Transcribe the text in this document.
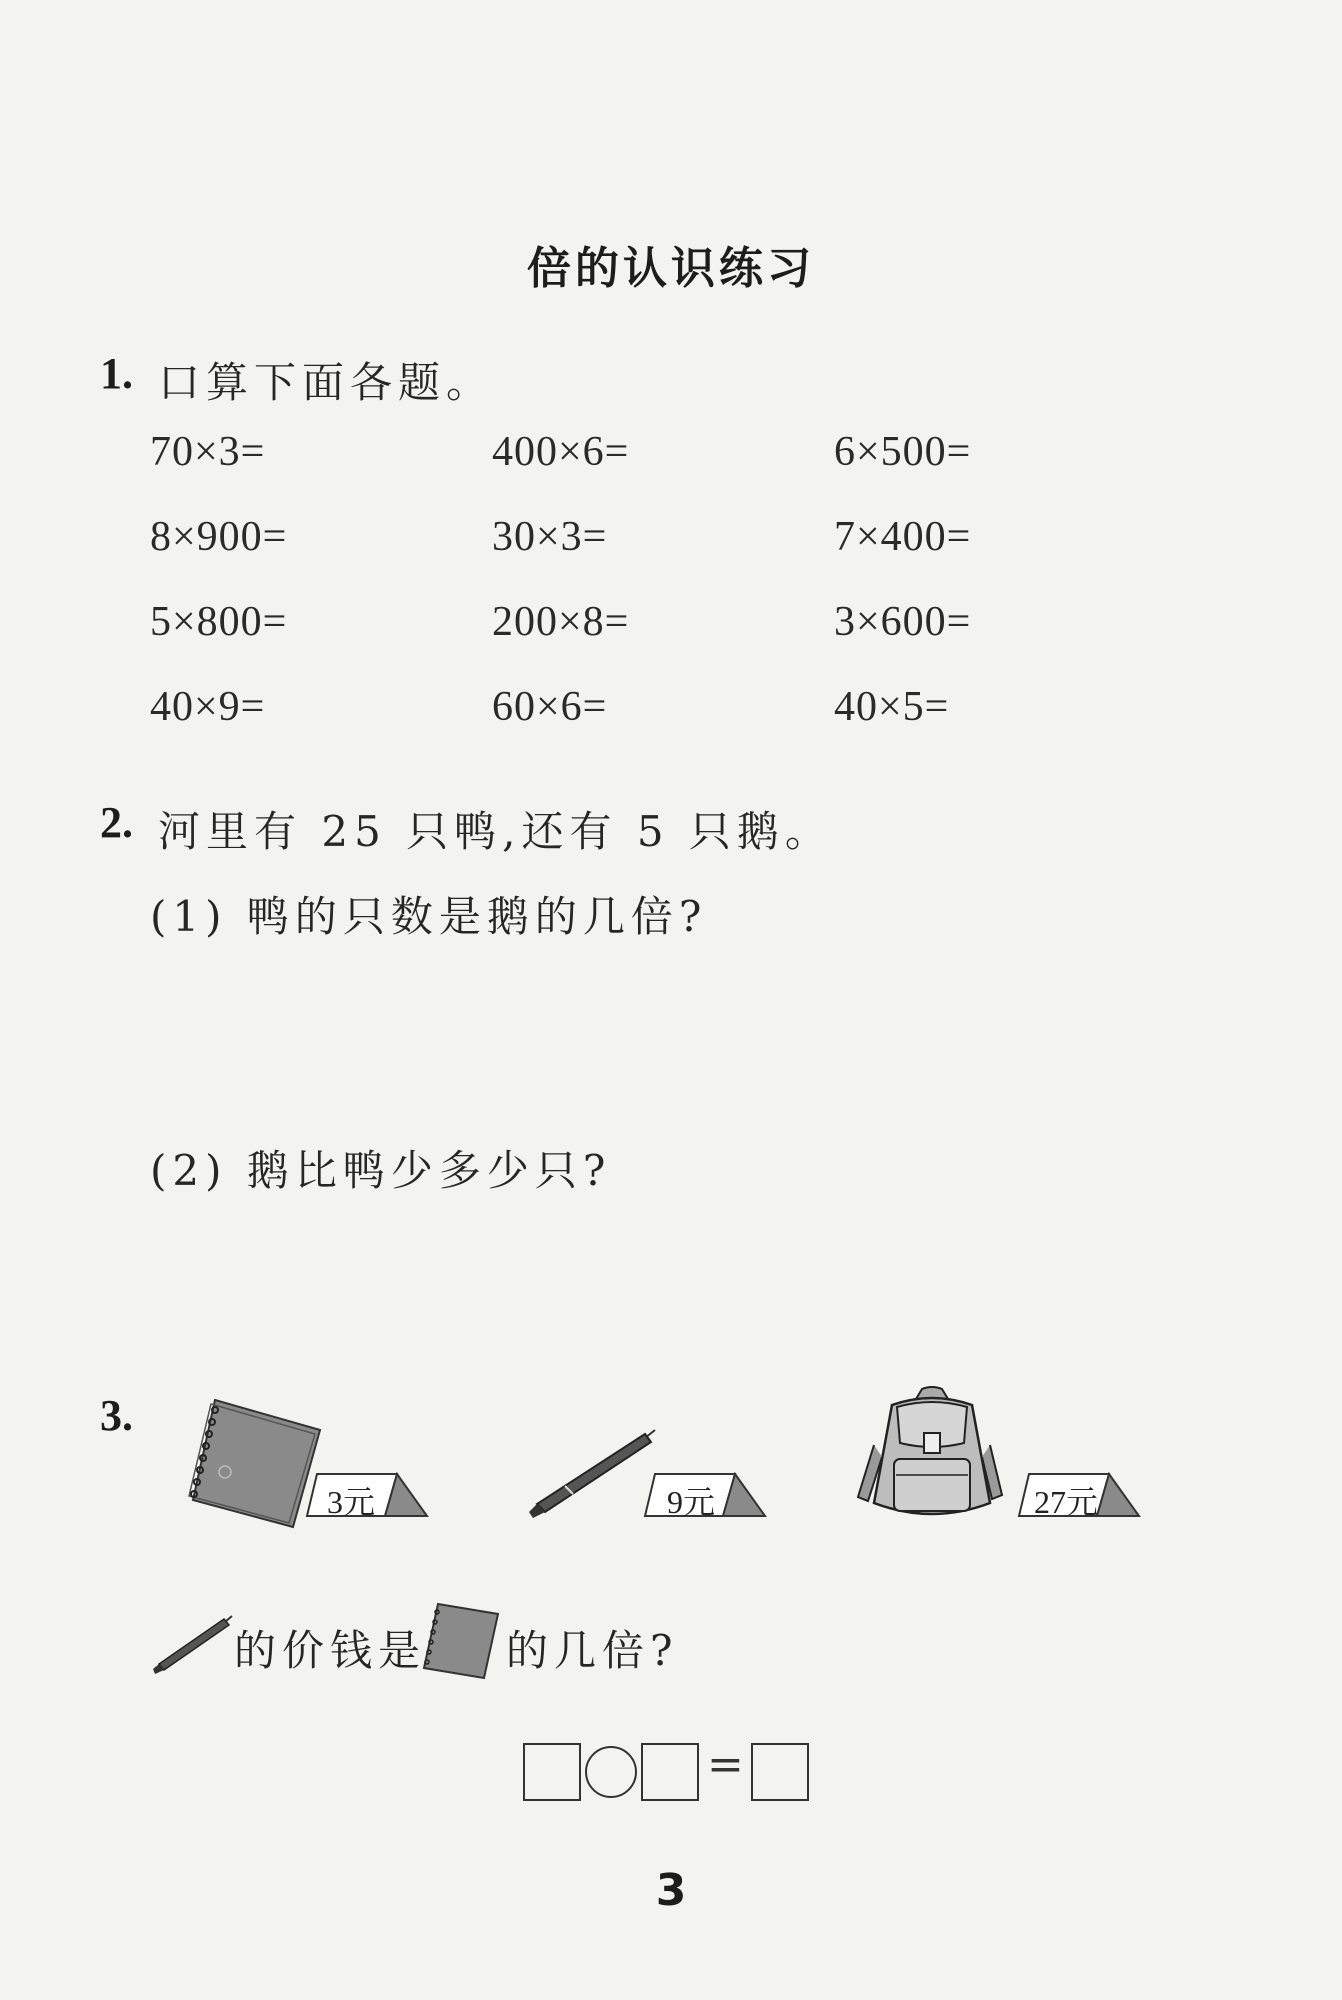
倍的认识练习
1. 口算下面各题。
70×3=	400×6=	6×500=
8×900=	30×3=	7×400=
5×800=	200×8=	3×600=
40×9=	60×6=	40×5=
2. 河里有 25 只鸭,还有 5 只鹅。
(1) 鸭的只数是鹅的几倍?
(2) 鹅比鸭少多少只?
3.
3元	9元	27元
的价钱是 的几倍?
=
3
